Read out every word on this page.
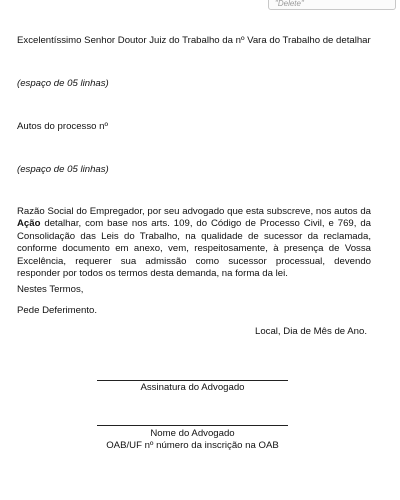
"Delete"
Excelentíssimo Senhor Doutor Juiz do Trabalho da nº Vara do Trabalho de detalhar
(espaço de 05 linhas)
Autos do processo nº
(espaço de 05 linhas)
Razão Social do Empregador, por seu advogado que esta subscreve, nos autos da Ação detalhar, com base nos arts. 109, do Código de Processo Civil, e 769, da Consolidação das Leis do Trabalho, na qualidade de sucessor da reclamada, conforme documento em anexo, vem, respeitosamente, à presença de Vossa Excelência, requerer sua admissão como sucessor processual, devendo responder por todos os termos desta demanda, na forma da lei.
Nestes Termos,
Pede Deferimento.
Local, Dia de Mês de Ano.
Assinatura do Advogado
Nome do Advogado
OAB/UF nº número da inscrição na OAB
